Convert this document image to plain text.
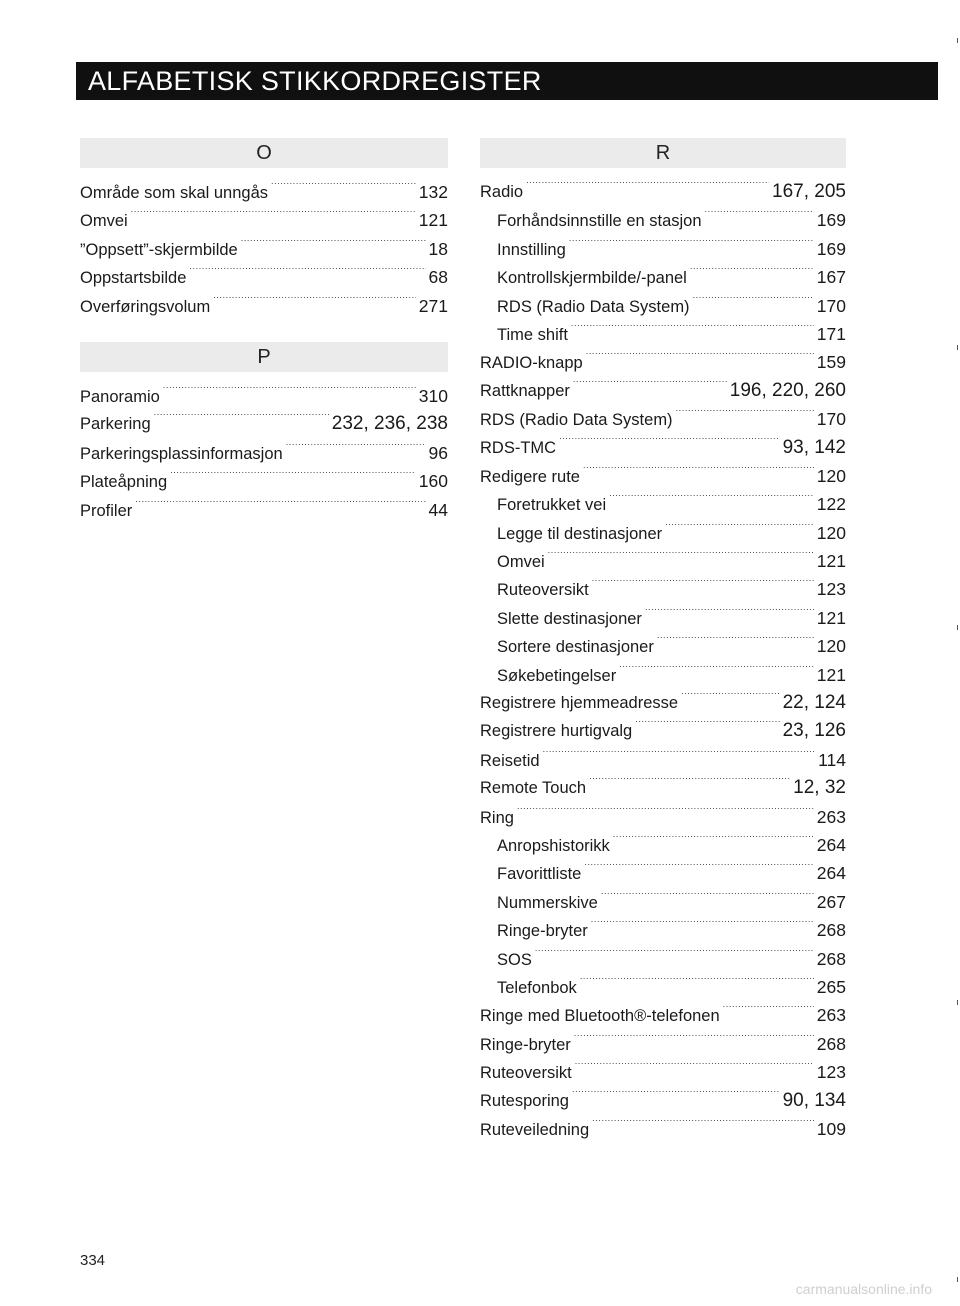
ALFABETISK STIKKORDREGISTER
O
Område som skal unngås .....	132
Omvei .....	121
”Oppsett”-skjermbilde .....	18
Oppstartsbilde .....	68
Overføringsvolum .....	271
P
Panoramio .....	310
Parkering .....	232, 236, 238
Parkeringsplassinformasjon .....	96
Plateåpning .....	160
Profiler .....	44
R
Radio .....	167, 205
Forhåndsinnstille en stasjon .....	169
Innstilling .....	169
Kontrollskjermbilde/-panel .....	167
RDS (Radio Data System) .....	170
Time shift .....	171
RADIO-knapp .....	159
Rattknapper .....	196, 220, 260
RDS (Radio Data System) .....	170
RDS-TMC .....	93, 142
Redigere rute .....	120
Foretrukket vei .....	122
Legge til destinasjoner .....	120
Omvei .....	121
Ruteoversikt .....	123
Slette destinasjoner .....	121
Sortere destinasjoner .....	120
Søkebetingelser .....	121
Registrere hjemmeadresse .....	22, 124
Registrere hurtigvalg .....	23, 126
Reisetid .....	114
Remote Touch .....	12, 32
Ring .....	263
Anropshistorikk .....	264
Favorittliste .....	264
Nummerskive .....	267
Ringe-bryter .....	268
SOS .....	268
Telefonbok .....	265
Ringe med Bluetooth®-telefonen .....	263
Ringe-bryter .....	268
Ruteoversikt .....	123
Rutesporing .....	90, 134
Ruteveiledning .....	109
334
carmanualsonline.info
